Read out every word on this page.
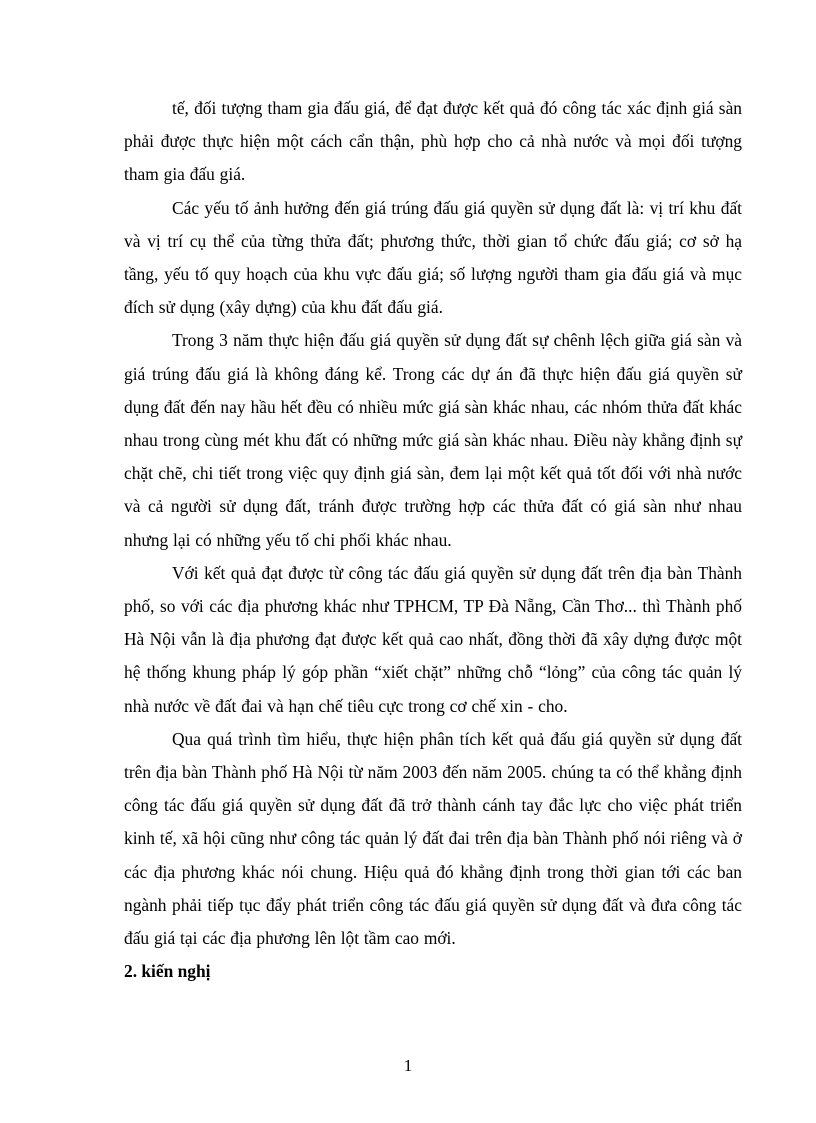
tế, đối tượng tham gia đấu giá, để đạt được kết quả đó công tác xác định giá sàn phải được thực hiện một cách cẩn thận, phù hợp cho cả nhà nước và mọi đối tượng tham gia đấu giá.

Các yếu tố ảnh hưởng đến giá trúng đấu giá quyền sử dụng đất là: vị trí khu đất và vị trí cụ thể của từng thửa đất; phương thức, thời gian tổ chức đấu giá; cơ sở hạ tầng, yếu tố quy hoạch của khu vực đấu giá; số lượng người tham gia đấu giá và mục đích sử dụng (xây dựng) của khu đất đấu giá.

Trong 3 năm thực hiện đấu giá quyền sử dụng đất sự chênh lệch giữa giá sàn và giá trúng đấu giá là không đáng kể. Trong các dự án đã thực hiện đấu giá quyền sử dụng đất đến nay hầu hết đều có nhiều mức giá sàn khác nhau, các nhóm thửa đất khác nhau trong cùng mét khu đất có những mức giá sàn khác nhau. Điều này khẳng định sự chặt chẽ, chi tiết trong việc quy định giá sàn, đem lại một kết quả tốt đối với nhà nước và cả người sử dụng đất, tránh được trường hợp các thửa đất có giá sàn như nhau nhưng lại có những yếu tố chi phối khác nhau.

Với kết quả đạt được từ công tác đấu giá quyền sử dụng đất trên địa bàn Thành phố, so với các địa phương khác như TPHCM, TP Đà Nẵng, Cần Thơ... thì Thành phố Hà Nội vẫn là địa phương đạt được kết quả cao nhất, đồng thời đã xây dựng được một hệ thống khung pháp lý góp phần “xiết chặt” những chỗ “lỏng” của công tác quản lý nhà nước về đất đai và hạn chế tiêu cực trong cơ chế xin - cho.

Qua quá trình tìm hiểu, thực hiện phân tích kết quả đấu giá quyền sử dụng đất trên địa bàn Thành phố Hà Nội từ năm 2003 đến năm 2005. chúng ta có thể khẳng định công tác đấu giá quyền sử dụng đất đã trở thành cánh tay đắc lực cho việc phát triển kinh tế, xã hội cũng như công tác quản lý đất đai trên địa bàn Thành phố nói riêng và ở các địa phương khác nói chung. Hiệu quả đó khẳng định trong thời gian tới các ban ngành phải tiếp tục đẩy phát triển công tác đấu giá quyền sử dụng đất và đưa công tác đấu giá tại các địa phương lên lột tầm cao mới.

2. kiến nghị

1
